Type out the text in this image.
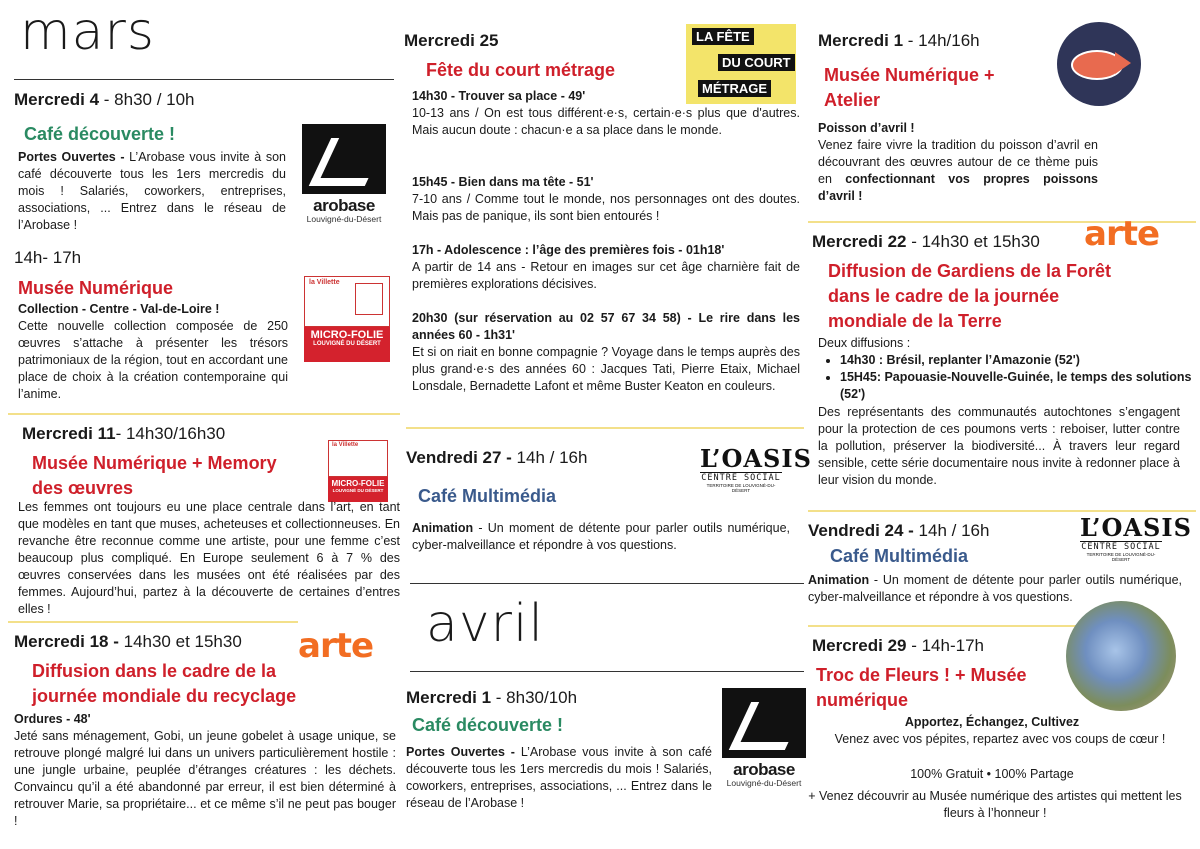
mars
Mercredi 4 - 8h30 / 10h
Café découverte !
Portes Ouvertes - L’Arobase vous invite à son café découverte tous les 1ers mercredis du mois ! Salariés, coworkers, entreprises, associations, ... Entrez dans le réseau de l’Arobase !
arobase
Louvigné-du-Désert
14h- 17h
Musée Numérique
Collection - Centre - Val-de-Loire !
Cette nouvelle collection composée de 250 œuvres s’attache à présenter les trésors patrimoniaux de la région, tout en accordant une place de choix à la création contemporaine qui l’anime.
la Villette
MICRO-FOLIE
LOUVIGNÉ DU DÉSERT
Mercredi 11- 14h30/16h30
Musée Numérique + Memory
des œuvres
la Villette
MICRO-FOLIE
LOUVIGNÉ DU DÉSERT
Les femmes ont toujours eu une place centrale dans l’art, en tant que modèles en tant que muses, acheteuses et collectionneuses. En revanche être reconnue comme une artiste, pour une femme c’est beaucoup plus compliqué. En Europe seulement 6 à 7 % des œuvres conservées dans les musées ont été réalisées par des femmes. Aujourd’hui, partez à la découverte de certaines d’entres elles !
Mercredi 18 - 14h30 et 15h30 arte
Diffusion dans le cadre de la
journée mondiale du recyclage
Ordures - 48'
Jeté sans ménagement, Gobi, un jeune gobelet à usage unique, se retrouve plongé malgré lui dans un univers particulièrement hostile : une jungle urbaine, peuplée d’étranges créatures : les déchets. Convaincu qu’il a été abandonné par erreur, il est bien déterminé à retrouver Marie, sa propriétaire... et ce même s’il ne peut pas bouger !
Mercredi 25
Fête du court métrage
LA FÊTE
DU COURT
MÉTRAGE
14h30 - Trouver sa place - 49'
10-13 ans / On est tous différent·e·s, certain·e·s plus que d'autres. Mais aucun doute : chacun·e a sa place dans le monde.
15h45 - Bien dans ma tête - 51'
7-10 ans / Comme tout le monde, nos personnages ont des doutes. Mais pas de panique, ils sont bien entourés !
17h - Adolescence : l’âge des premières fois - 01h18'
A partir de 14 ans - Retour en images sur cet âge charnière fait de premières explorations décisives.
20h30 (sur réservation au 02 57 67 34 58) - Le rire dans les années 60 - 1h31'
Et si on riait en bonne compagnie ? Voyage dans le temps auprès des plus grand·e·s des années 60 : Jacques Tati, Pierre Etaix, Michael Lonsdale, Bernadette Lafont et même Buster Keaton en couleurs.
Vendredi 27 - 14h / 16h	L’OASIS
CENTRE SOCIAL
TERRITOIRE DE LOUVIGNÉ-DU-DÉSERT
Café Multimédia
Animation - Un moment de détente pour parler outils numérique, cyber-malveillance et répondre à vos questions.
avril
Mercredi 1 - 8h30/10h
Café découverte !
Portes Ouvertes - L’Arobase vous invite à son café découverte tous les 1ers mercredis du mois ! Salariés, coworkers, entreprises, associations, ... Entrez dans le réseau de l’Arobase !
arobase
Louvigné-du-Désert
Mercredi 1 - 14h/16h
Musée Numérique +
Atelier
Poisson d’avril !
Venez faire vivre la tradition du poisson d’avril en découvrant des œuvres autour de ce thème puis en confectionnant vos propres poissons d’avril !
Mercredi 22 - 14h30 et 15h30 arte
Diffusion de Gardiens de la Forêt
dans le cadre de la journée
mondiale de la Terre
Deux diffusions :
• 14h30 : Brésil, replanter l’Amazonie (52')
• 15H45: Papouasie-Nouvelle-Guinée, le temps des solutions (52')
Des représentants des communautés autochtones s’engagent pour la protection de ces poumons verts : reboiser, lutter contre la pollution, préserver la biodiversité... À travers leur regard sensible, cette série documentaire nous invite à redonner place à leur vision du monde.
Vendredi 24 - 14h / 16h	L’OASIS
CENTRE SOCIAL
TERRITOIRE DE LOUVIGNÉ-DU-DÉSERT
Café Multimédia
Animation - Un moment de détente pour parler outils numérique, cyber-malveillance et répondre à vos questions.
Mercredi 29 - 14h-17h
Troc de Fleurs ! + Musée
numérique
Apportez, Échangez, Cultivez
Venez avec vos pépites, repartez avec vos coups de cœur !
100% Gratuit • 100% Partage
+ Venez découvrir au Musée numérique des artistes qui mettent les fleurs à l’honneur !
